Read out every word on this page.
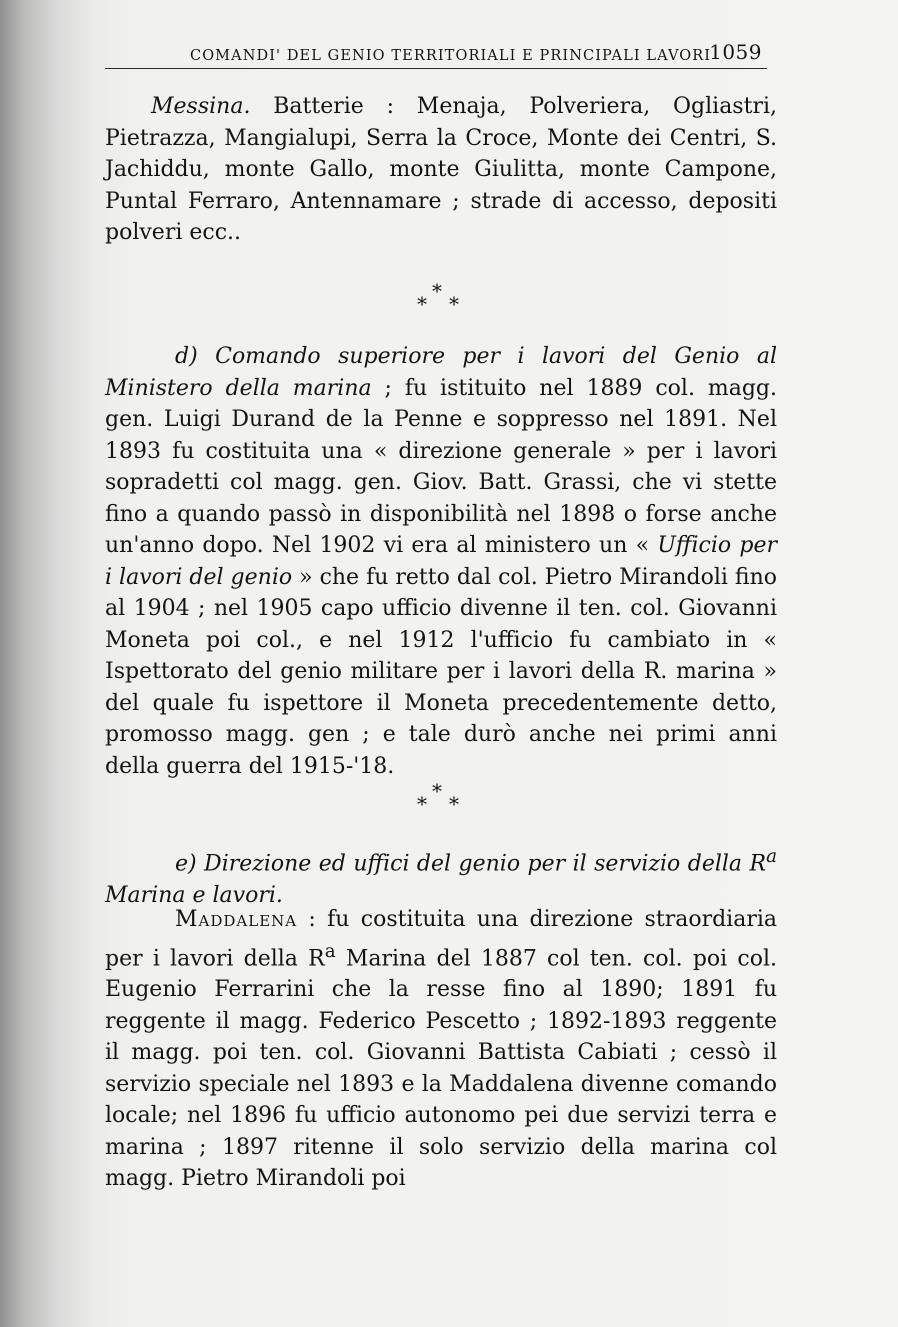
COMANDI' DEL GENIO TERRITORIALI E PRINCIPALI LAVORI
1059

Messina. Batterie : Menaja, Polveriera, Ogliastri, Pietrazza, Mangialupi, Serra la Croce, Monte dei Centri, S. Jachiddu, monte Gallo, monte Giulitta, monte Campone, Puntal Ferraro, Antennamare ; strade di accesso, depositi polveri ecc..

*
* *

d) Comando superiore per i lavori del Genio al Ministero della marina ; fu istituito nel 1889 col. magg. gen. Luigi Durand de la Penne e soppresso nel 1891. Nel 1893 fu costituita una « direzione generale » per i lavori sopradetti col magg. gen. Giov. Batt. Grassi, che vi stette fino a quando passò in disponibilità nel 1898 o forse anche un'anno dopo. Nel 1902 vi era al ministero un « Ufficio per i lavori del genio » che fu retto dal col. Pietro Mirandoli fino al 1904 ; nel 1905 capo ufficio divenne il ten. col. Giovanni Moneta poi col., e nel 1912 l'ufficio fu cambiato in « Ispettorato del genio militare per i lavori della R. marina » del quale fu ispettore il Moneta precedentemente detto, promosso magg. gen ; e tale durò anche nei primi anni della guerra del 1915-'18.

*
* *

e) Direzione ed uffici del genio per il servizio della $R^a$ Marina e lavori.

Maddalena : fu costituita una direzione straordiaria per i lavori della $R^a$ Marina del 1887 col ten. col. poi col. Eugenio Ferrarini che la resse fino al 1890; 1891 fu reggente il magg. Federico Pescetto ; 1892-1893 reggente il magg. poi ten. col. Giovanni Battista Cabiati ; cessò il servizio speciale nel 1893 e la Maddalena divenne comando locale; nel 1896 fu ufficio autonomo pei due servizi terra e marina ; 1897 ritenne il solo servizio della marina col magg. Pietro Mirandoli poi
